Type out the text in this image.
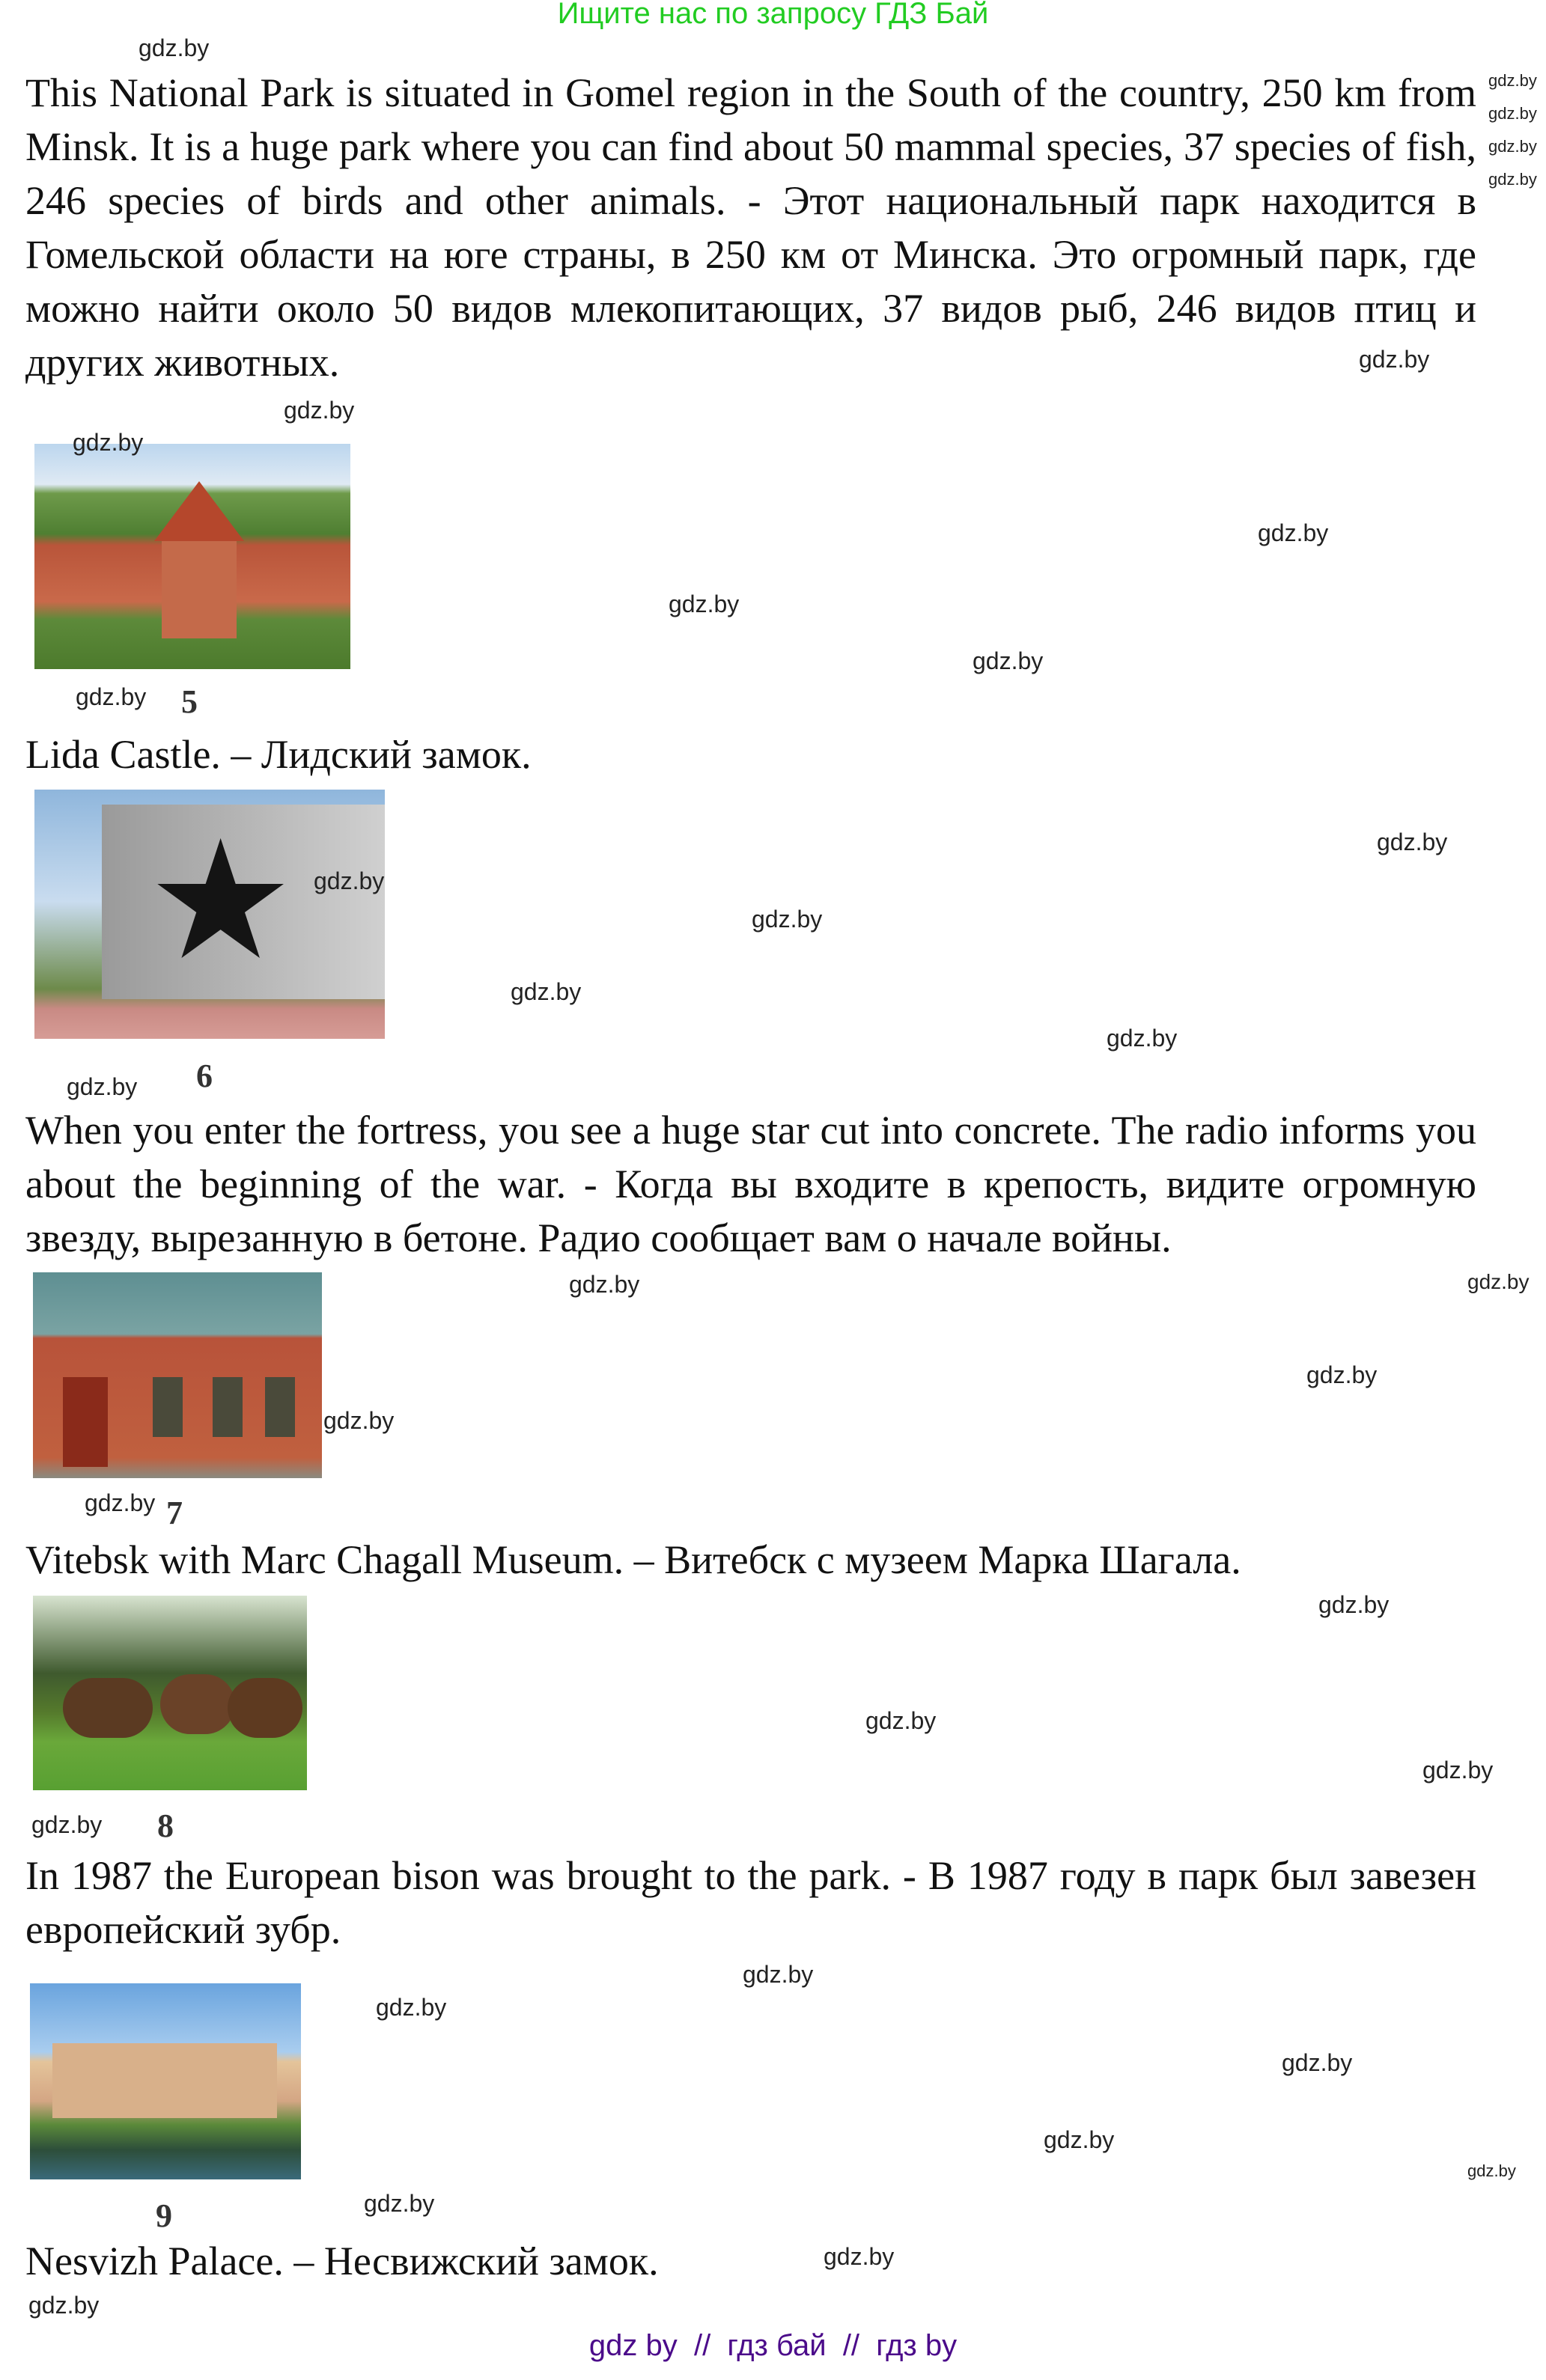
Ищите нас по запросу ГДЗ Бай
This National Park is situated in Gomel region in the South of the country, 250 km from Minsk. It is a huge park where you can find about 50 mammal species, 37 species of fish, 246 species of birds and other animals. - Этот национальный парк находится в Гомельской области на юге страны, в 250 км от Минска. Это огромный парк, где можно найти около 50 видов млекопитающих, 37 видов рыб, 246 видов птиц и других животных.
5
Lida Castle. – Лидский замок.
★
6
When you enter the fortress, you see a huge star cut into concrete. The radio informs you about the beginning of the war. - Когда вы входите в крепость, видите огромную звезду, вырезанную в бетоне. Радио сообщает вам о начале войны.
7
Vitebsk with Marc Chagall Museum. – Витебск с музеем Марка Шагала.
8
In 1987 the European bison was brought to the park. - В 1987 году в парк был завезен европейский зубр.
9
Nesvizh Palace. – Несвижский замок.
gdz.by
gdz.by
gdz.by
gdz.by
gdz.by
gdz.by
gdz.by
gdz.by
gdz.by
gdz.by
gdz.by
gdz.by
gdz.by
gdz.by
gdz.by
gdz.by
gdz.by
gdz.by
gdz.by
gdz.by
gdz.by
gdz.by
gdz.by
gdz.by
gdz.by
gdz.by
gdz.by
gdz.by
gdz.by
gdz.by
gdz.by
gdz.by
gdz.by
gdz.by
gdz.by
gdz by  //  гдз бай  //  гдз by
